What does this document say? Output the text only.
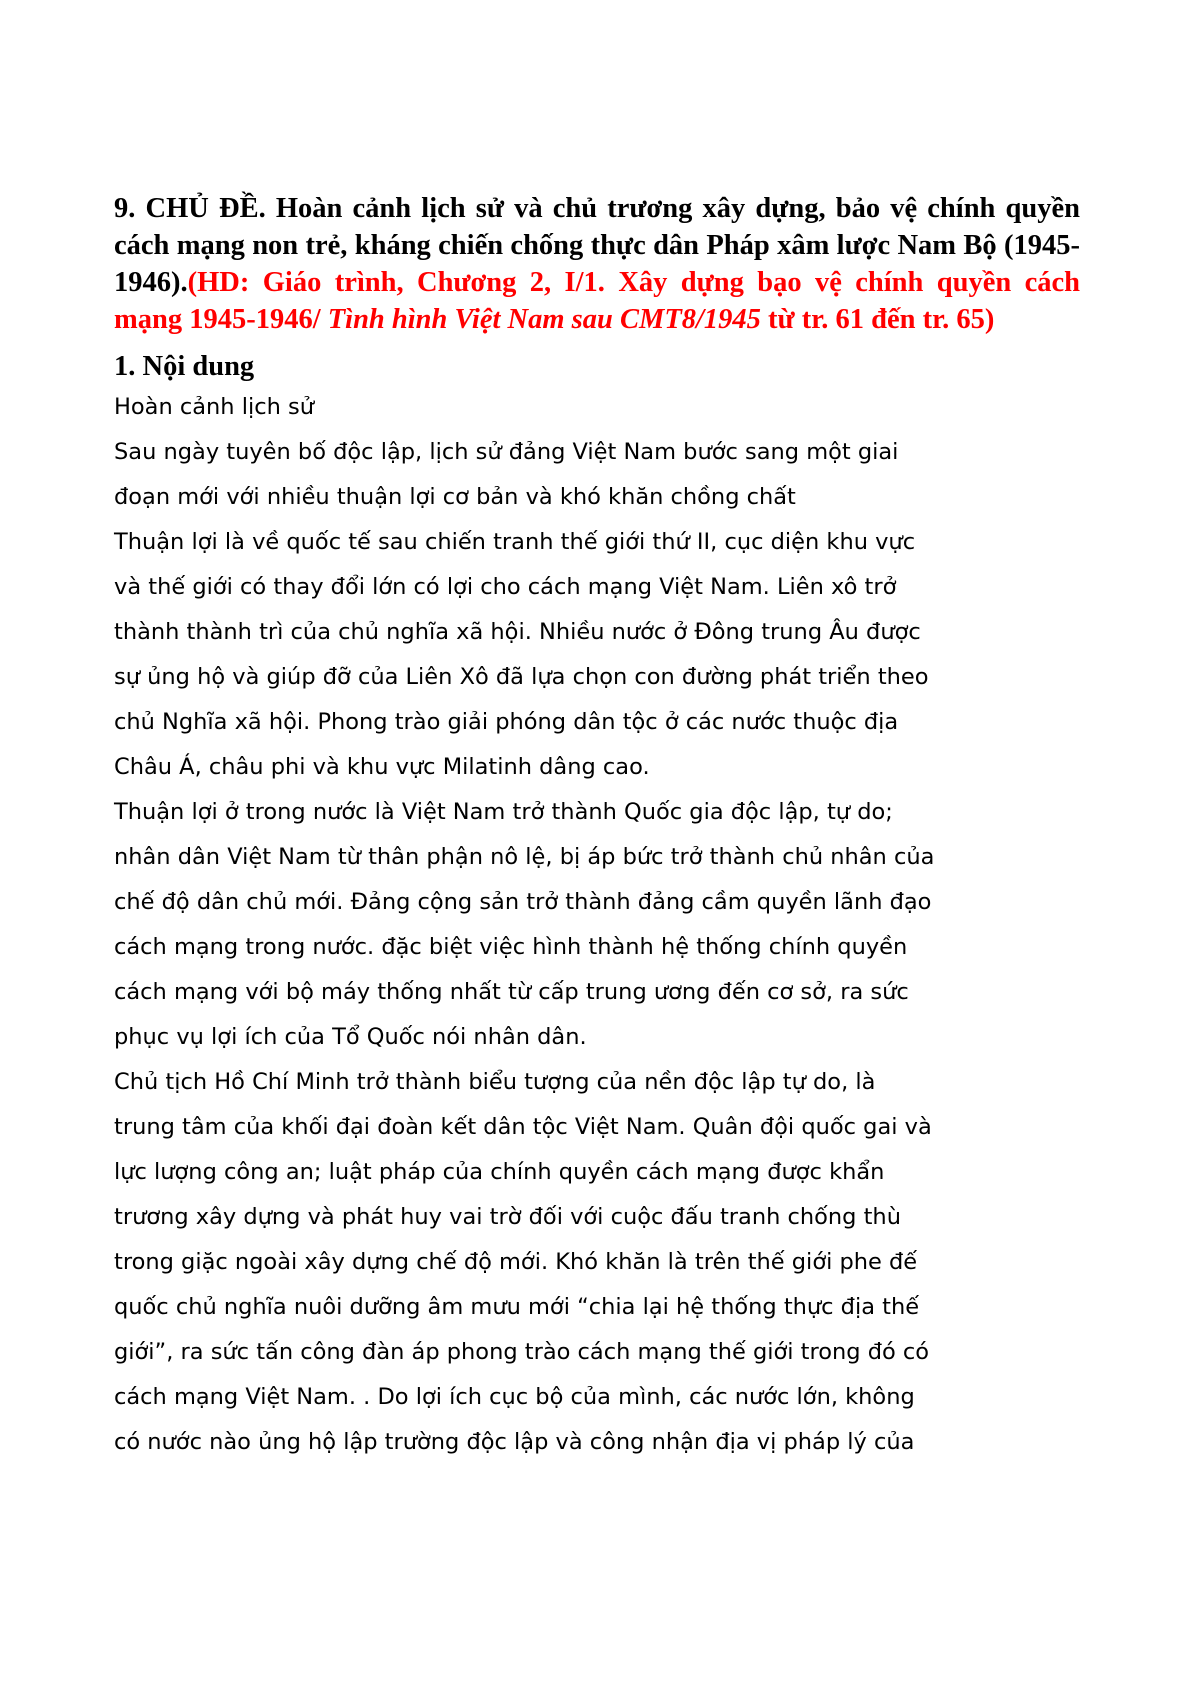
9. CHỦ ĐỀ. Hoàn cảnh lịch sử và chủ trương xây dựng, bảo vệ chính quyền cách mạng non trẻ, kháng chiến chống thực dân Pháp xâm lược Nam Bộ (1945-1946).(HD: Giáo trình, Chương 2, I/1. Xây dựng bạo vệ chính quyền cách mạng 1945-1946/ Tình hình Việt Nam sau CMT8/1945 từ tr. 61 đến tr. 65)

1. Nội dung

Hoàn cảnh lịch sử
Sau ngày tuyên bố độc lập, lịch sử đảng Việt Nam bước sang một giai
đoạn mới với nhiều thuận lợi cơ bản và khó khăn chồng chất
Thuận lợi là về quốc tế sau chiến tranh thế giới thứ II, cục diện khu vực
và thế giới có thay đổi lớn có lợi cho cách mạng Việt Nam. Liên xô trở
thành thành trì của chủ nghĩa xã hội. Nhiều nước ở Đông trung Âu được
sự ủng hộ và giúp đỡ của Liên Xô đã lựa chọn con đường phát triển theo
chủ Nghĩa xã hội. Phong trào giải phóng dân tộc ở các nước thuộc địa
Châu Á, châu phi và khu vực Milatinh dâng cao.
Thuận lợi ở trong nước là Việt Nam trở thành Quốc gia độc lập, tự do;
nhân dân Việt Nam từ thân phận nô lệ, bị áp bức trở thành chủ nhân của
chế độ dân chủ mới. Đảng cộng sản trở thành đảng cầm quyền lãnh đạo
cách mạng trong nước. đặc biệt việc hình thành hệ thống chính quyền
cách mạng với bộ máy thống nhất từ cấp trung ương đến cơ sở, ra sức
phục vụ lợi ích của Tổ Quốc nói nhân dân.
Chủ tịch Hồ Chí Minh trở thành biểu tượng của nền độc lập tự do, là
trung tâm của khối đại đoàn kết dân tộc Việt Nam. Quân đội quốc gai và
lực lượng công an; luật pháp của chính quyền cách mạng được khẩn
trương xây dựng và phát huy vai trờ đối với cuộc đấu tranh chống thù
trong giặc ngoài xây dựng chế độ mới. Khó khăn là trên thế giới phe đế
quốc chủ nghĩa nuôi dưỡng âm mưu mới “chia lại hệ thống thực địa thế
giới”, ra sức tấn công đàn áp phong trào cách mạng thế giới trong đó có
cách mạng Việt Nam. . Do lợi ích cục bộ của mình, các nước lớn, không
có nước nào ủng hộ lập trường độc lập và công nhận địa vị pháp lý của
